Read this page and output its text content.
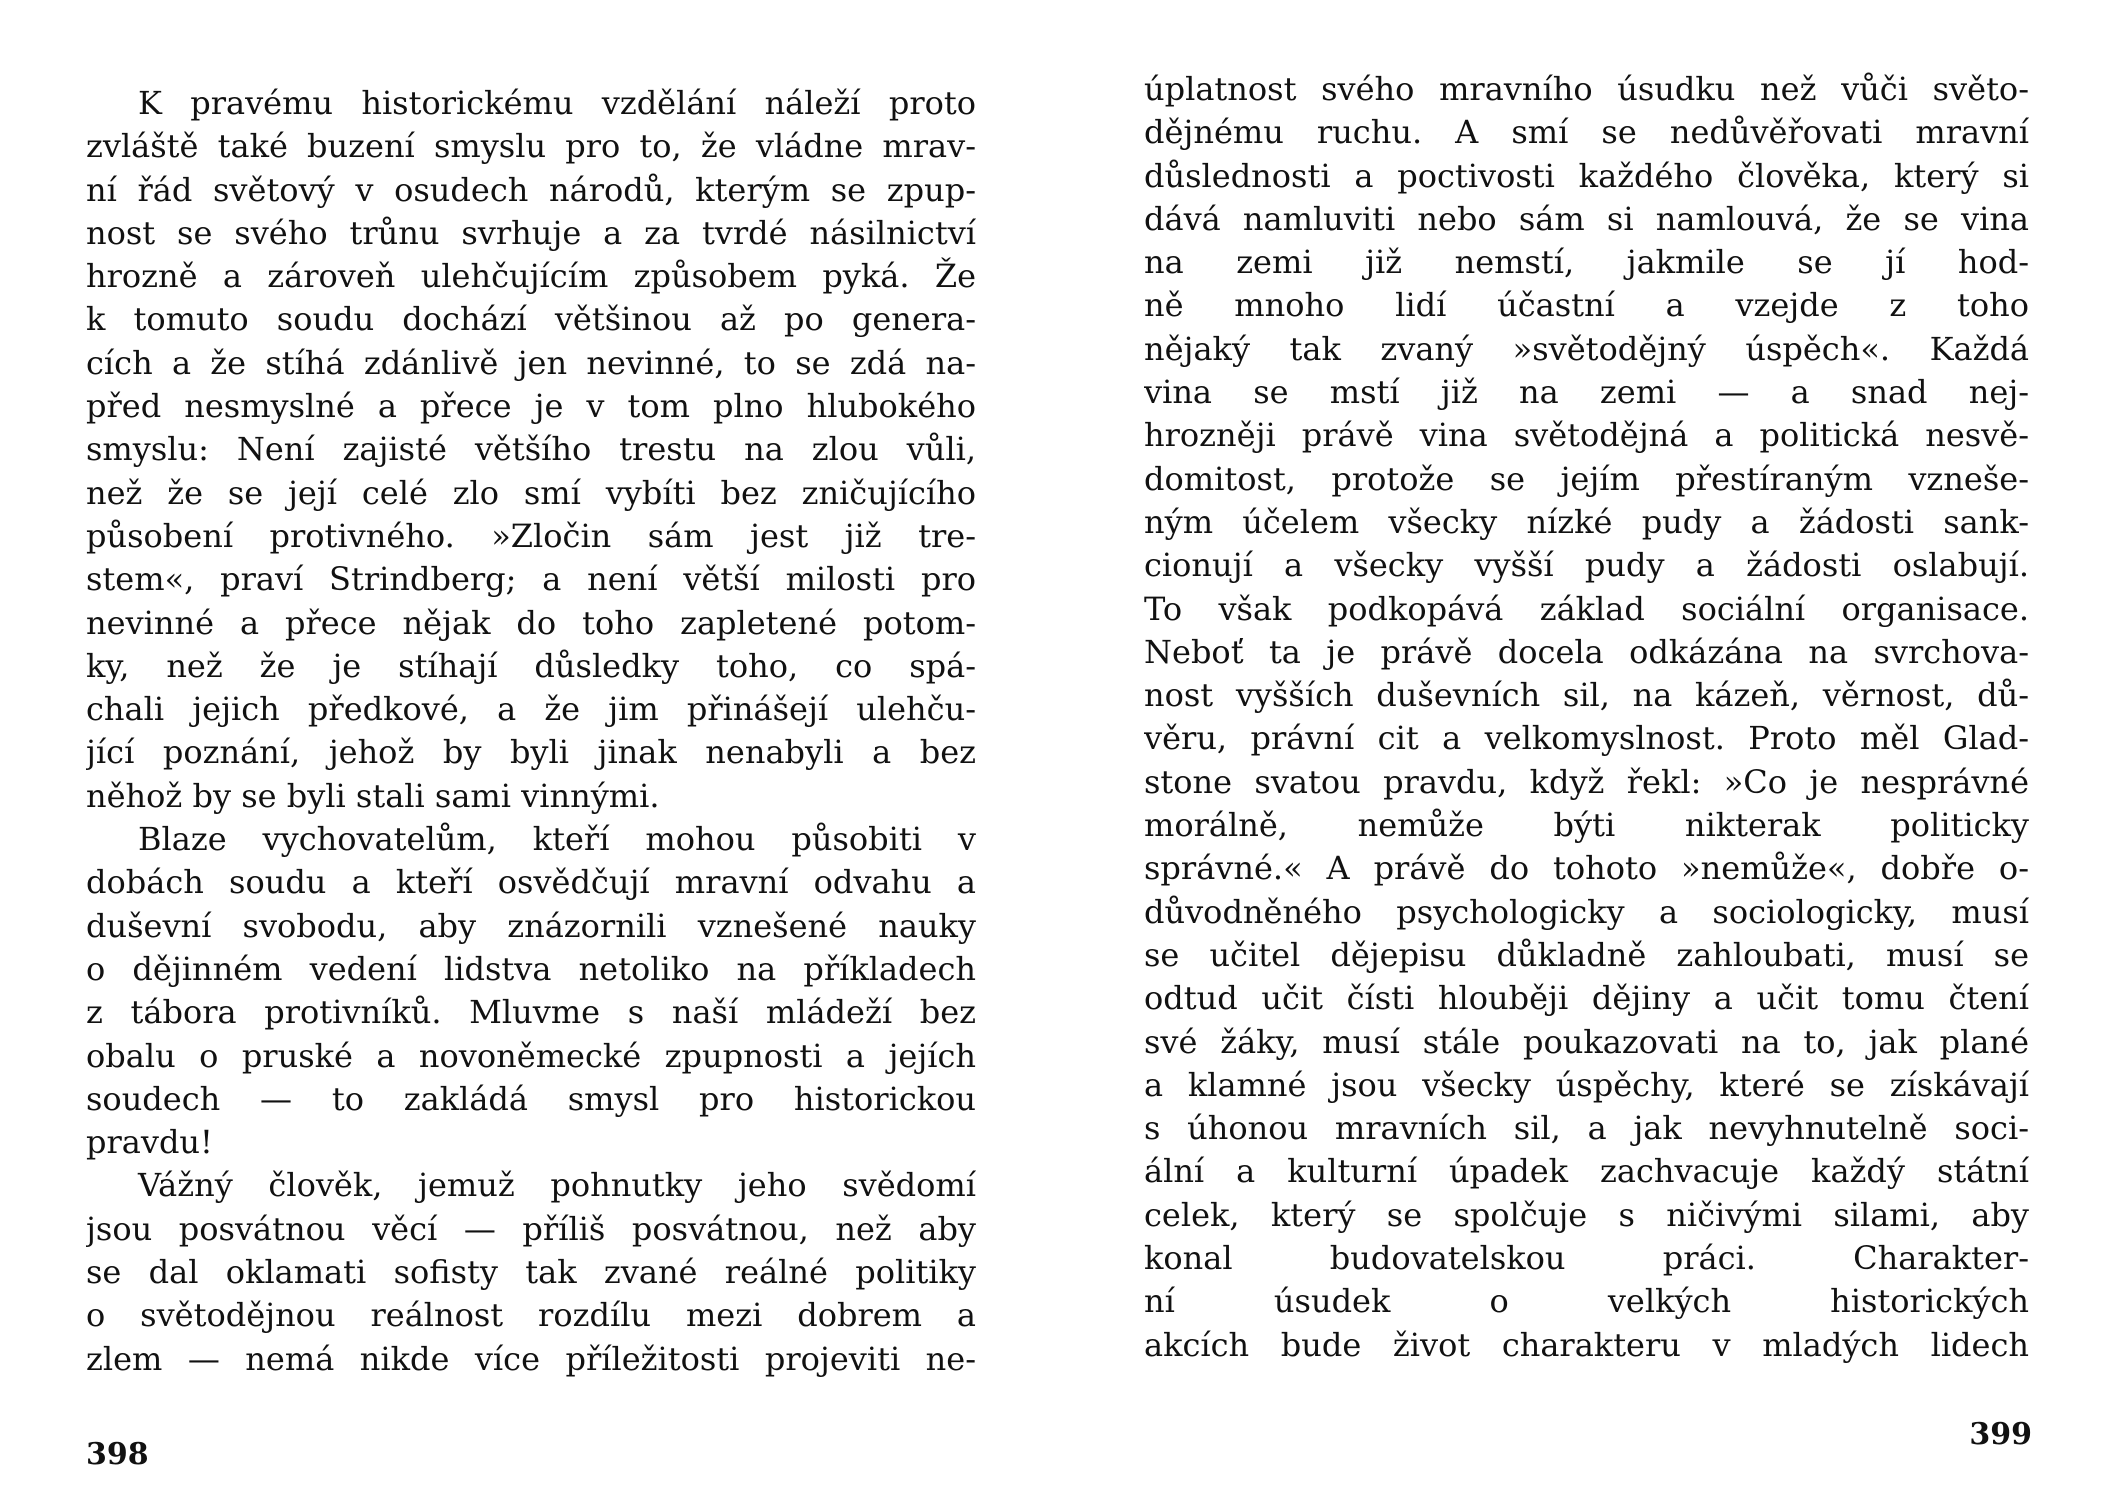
K pravému historickému vzdělání náleží proto
zvláště také buzení smyslu pro to, že vládne mrav-
ní řád světový v osudech národů, kterým se zpup-
nost se svého trůnu svrhuje a za tvrdé násilnictví
hrozně a zároveň ulehčujícím způsobem pyká. Že
k tomuto soudu dochází většinou až po genera-
cích a že stíhá zdánlivě jen nevinné, to se zdá na-
před nesmyslné a přece je v tom plno hlubokého
smyslu: Není zajisté většího trestu na zlou vůli,
než že se její celé zlo smí vybíti bez zničujícího
působení protivného. »Zločin sám jest již tre-
stem«, praví Strindberg; a není větší milosti pro
nevinné a přece nějak do toho zapletené potom-
ky, než že je stíhají důsledky toho, co spá-
chali jejich předkové, a že jim přinášejí ulehču-
jící poznání, jehož by byli jinak nenabyli a bez
něhož by se byli stali sami vinnými.
Blaze vychovatelům, kteří mohou působiti v
dobách soudu a kteří osvědčují mravní odvahu a
duševní svobodu, aby znázornili vznešené nauky
o dějinném vedení lidstva netoliko na příkladech
z tábora protivníků. Mluvme s naší mládeží bez
obalu o pruské a novoněmecké zpupnosti a jejích
soudech — to zakládá smysl pro historickou
pravdu!
Vážný člověk, jemuž pohnutky jeho svědomí
jsou posvátnou věcí — příliš posvátnou, než aby
se dal oklamati sofisty tak zvané reálné politiky
o světodějnou reálnost rozdílu mezi dobrem a
zlem — nemá nikde více příležitosti projeviti ne-
398
úplatnost svého mravního úsudku než vůči světo-
dějnému ruchu. A smí se nedůvěřovati mravní
důslednosti a poctivosti každého člověka, který si
dává namluviti nebo sám si namlouvá, že se vina
na zemi již nemstí, jakmile se jí hod-
ně mnoho lidí účastní a vzejde z toho
nějaký tak zvaný »světodějný úspěch«. Každá
vina se mstí již na zemi — a snad nej-
hrozněji právě vina světodějná a politická nesvě-
domitost, protože se jejím přestíraným vzneše-
ným účelem všecky nízké pudy a žádosti sank-
cionují a všecky vyšší pudy a žádosti oslabují.
To však podkopává základ sociální organisace.
Neboť ta je právě docela odkázána na svrchova-
nost vyšších duševních sil, na kázeň, věrnost, dů-
věru, právní cit a velkomyslnost. Proto měl Glad-
stone svatou pravdu, když řekl: »Co je nesprávné
morálně, nemůže býti nikterak politicky
správné.« A právě do tohoto »nemůže«, dobře o-
důvodněného psychologicky a sociologicky, musí
se učitel dějepisu důkladně zahloubati, musí se
odtud učit čísti hlouběji dějiny a učit tomu čtení
své žáky, musí stále poukazovati na to, jak plané
a klamné jsou všecky úspěchy, které se získávají
s úhonou mravních sil, a jak nevyhnutelně soci-
ální a kulturní úpadek zachvacuje každý státní
celek, který se spolčuje s ničivými silami, aby
konal budovatelskou práci. Charakter-
ní úsudek o velkých historických
akcích bude život charakteru v mladých lidech
399
